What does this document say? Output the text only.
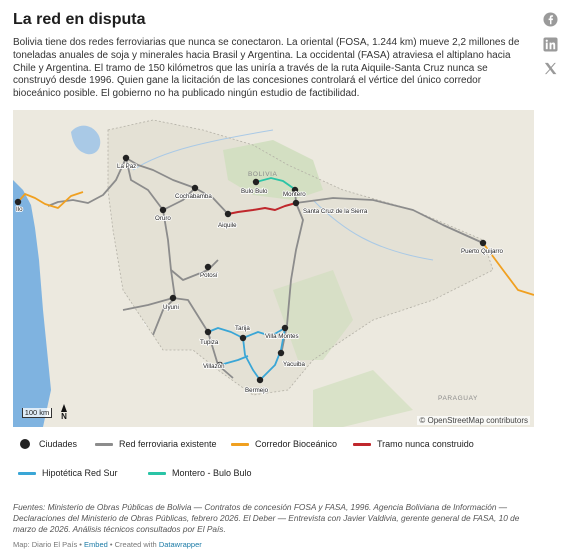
La red en disputa
Bolivia tiene dos redes ferroviarias que nunca se conectaron. La oriental (FOSA, 1.244 km) mueve 2,2 millones de toneladas anuales de soja y minerales hacia Brasil y Argentina. La occidental (FASA) atraviesa el altiplano hacia Chile y Argentina. El tramo de 150 kilómetros que las uniría a través de la ruta Aiquile-Santa Cruz nunca se construyó desde 1996. Quien gane la licitación de las concesiones controlará el vértice del único corredor bioceánico posible. El gobierno no ha publicado ningún estudio de factibilidad.
La Paz
Ilo
Oruro
Cochabamba
Aiquile
Bulo Bulo	Montero
Santa Cruz de la Sierra
Puerto Quijarro
Potosí
Uyuni
Tarija
Tupiza
Villa Montes
Villazón	Yacuiba
Bermejo
BOLIVIA
PARAGUAY
100 km	N	© OpenStreetMap contributors
Ciudades	Red ferroviaria existente	Corredor Bioceánico	Tramo nunca construido
Hipotética Red Sur	Montero - Bulo Bulo
Fuentes: Ministerio de Obras Públicas de Bolivia — Contratos de concesión FOSA y FASA, 1996. Agencia Boliviana de Información — Declaraciones del Ministerio de Obras Públicas, febrero 2026. El Deber — Entrevista con Javier Valdivia, gerente general de FASA, 10 de marzo de 2026. Análisis técnicos consultados por El País.
Map: Diario El País • Embed • Created with Datawrapper
